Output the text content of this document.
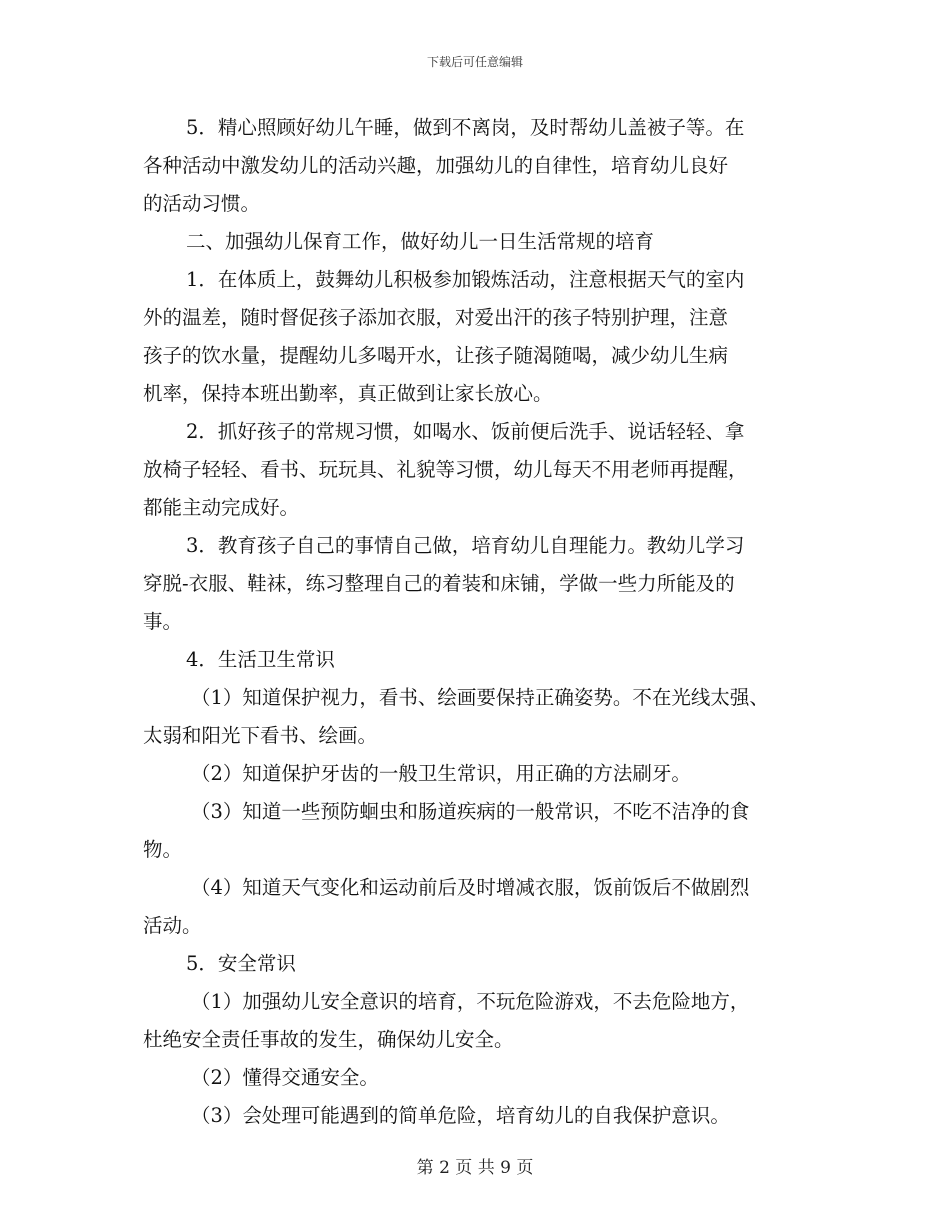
下载后可任意编辑
5．精心照顾好幼儿午睡，做到不离岗，及时帮幼儿盖被子等。在
各种活动中激发幼儿的活动兴趣，加强幼儿的自律性，培育幼儿良好
的活动习惯。
二、加强幼儿保育工作，做好幼儿一日生活常规的培育
1．在体质上，鼓舞幼儿积极参加锻炼活动，注意根据天气的室内
外的温差，随时督促孩子添加衣服，对爱出汗的孩子特别护理，注意
孩子的饮水量，提醒幼儿多喝开水，让孩子随渴随喝，减少幼儿生病
机率，保持本班出勤率，真正做到让家长放心。
2．抓好孩子的常规习惯，如喝水、饭前便后洗手、说话轻轻、拿
放椅子轻轻、看书、玩玩具、礼貌等习惯，幼儿每天不用老师再提醒，
都能主动完成好。
3．教育孩子自己的事情自己做，培育幼儿自理能力。教幼儿学习
穿脱-衣服、鞋袜，练习整理自己的着装和床铺，学做一些力所能及的
事。
4．生活卫生常识
（1）知道保护视力，看书、绘画要保持正确姿势。不在光线太强、
太弱和阳光下看书、绘画。
（2）知道保护牙齿的一般卫生常识，用正确的方法刷牙。
（3）知道一些预防蛔虫和肠道疾病的一般常识，不吃不洁净的食
物。
（4）知道天气变化和运动前后及时增减衣服，饭前饭后不做剧烈
活动。
5．安全常识
（1）加强幼儿安全意识的培育，不玩危险游戏，不去危险地方，
杜绝安全责任事故的发生，确保幼儿安全。
（2）懂得交通安全。
（3）会处理可能遇到的简单危险，培育幼儿的自我保护意识。
第 2 页 共 9 页
